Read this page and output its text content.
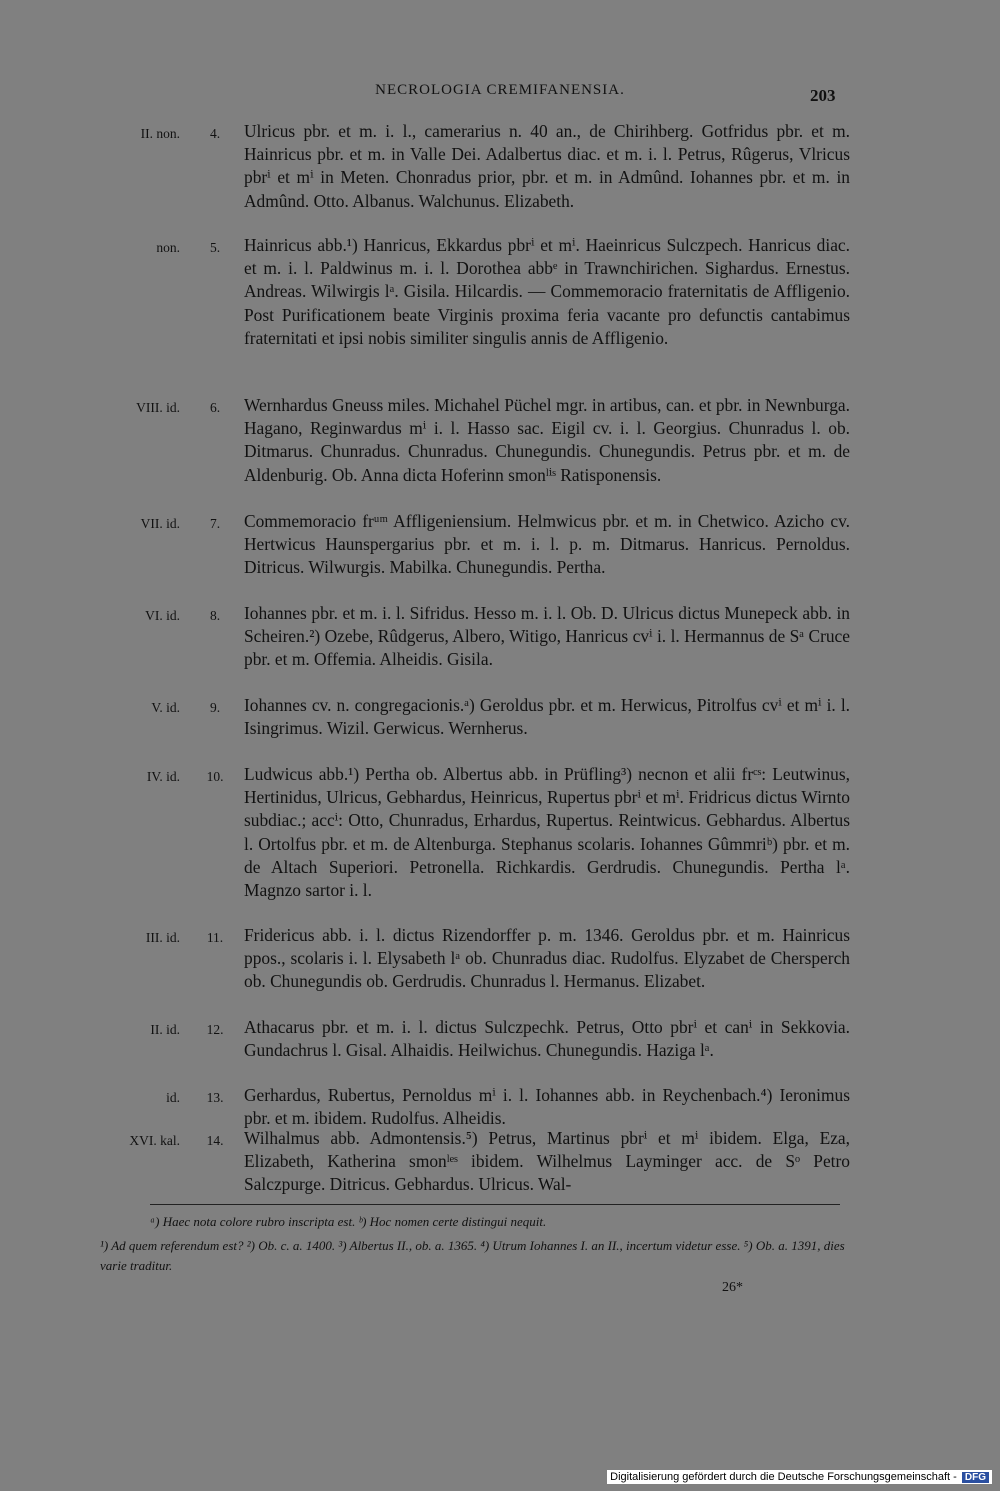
NECROLOGIA CREMIFANENSIA.	203
II. non.	4.	Ulricus pbr. et m. i. l., camerarius n. 40 an., de Chirihberg. Gotfridus pbr. et m. Hainricus pbr. et m. in Valle Dei. Adalbertus diac. et m. i. l. Petrus, Rûgerus, Vlricus pbrⁱ et mⁱ in Meten. Chonradus prior, pbr. et m. in Admûnd. Iohannes pbr. et m. in Admûnd. Otto. Albanus. Walchunus. Elizabeth.
non.	5.	Hainricus abb.¹) Hanricus, Ekkardus pbrⁱ et mⁱ. Haeinricus Sulczpech. Hanricus diac. et m. i. l. Paldwinus m. i. l. Dorothea abbᵉ in Trawnchirichen. Sighardus. Ernestus. Andreas. Wilwirgis lᵃ. Gisila. Hilcardis. — Commemoracio fraternitatis de Affligenio. Post Purificationem beate Virginis proxima feria vacante pro defunctis cantabimus fraternitati et ipsi nobis similiter singulis annis de Affligenio.
VIII. id.	6.	Wernhardus Gneuss miles. Michahel Püchel mgr. in artibus, can. et pbr. in Newnburga. Hagano, Reginwardus mⁱ i. l. Hasso sac. Eigil cv. i. l. Georgius. Chunradus l. ob. Ditmarus. Chunradus. Chunradus. Chunegundis. Chunegundis. Petrus pbr. et m. de Aldenburig. Ob. Anna dicta Hoferinn smonˡⁱˢ Ratisponensis.
VII. id.	7.	Commemoracio frᵘᵐ Affligeniensium. Helmwicus pbr. et m. in Chetwico. Azicho cv. Hertwicus Haunspergarius pbr. et m. i. l. p. m. Ditmarus. Hanricus. Pernoldus. Ditricus. Wilwurgis. Mabilka. Chunegundis. Pertha.
VI. id.	8.	Iohannes pbr. et m. i. l. Sifridus. Hesso m. i. l. Ob. D. Ulricus dictus Munepeck abb. in Scheiren.²) Ozebe, Rûdgerus, Albero, Witigo, Hanricus cvⁱ i. l. Hermannus de Sᵃ Cruce pbr. et m. Offemia. Alheidis. Gisila.
V. id.	9.	Iohannes cv. n. congregacionis.ᵃ) Geroldus pbr. et m. Herwicus, Pitrolfus cvⁱ et mⁱ i. l. Isingrimus. Wizil. Gerwicus. Wernherus.
IV. id.	10.	Ludwicus abb.¹) Pertha ob. Albertus abb. in Prüfling³) necnon et alii frᶜˢ: Leutwinus, Hertinidus, Ulricus, Gebhardus, Heinricus, Rupertus pbrⁱ et mⁱ. Fridricus dictus Wirnto subdiac.; accⁱ: Otto, Chunradus, Erhardus, Rupertus. Reintwicus. Gebhardus. Albertus l. Ortolfus pbr. et m. de Altenburga. Stephanus scolaris. Iohannes Gûmmriᵇ) pbr. et m. de Altach Superiori. Petronella. Richkardis. Gerdrudis. Chunegundis. Pertha lᵃ. Magnzo sartor i. l.
III. id.	11.	Fridericus abb. i. l. dictus Rizendorffer p. m. 1346. Geroldus pbr. et m. Hainricus ppos., scolaris i. l. Elysabeth lᵃ ob. Chunradus diac. Rudolfus. Elyzabet de Chersperch ob. Chunegundis ob. Gerdrudis. Chunradus l. Hermanus. Elizabet.
II. id.	12.	Athacarus pbr. et m. i. l. dictus Sulczpechk. Petrus, Otto pbrⁱ et canⁱ in Sekkovia. Gundachrus l. Gisal. Alhaidis. Heilwichus. Chunegundis. Haziga lᵃ.
id.	13.	Gerhardus, Rubertus, Pernoldus mⁱ i. l. Iohannes abb. in Reychenbach.⁴) Ieronimus pbr. et m. ibidem. Rudolfus. Alheidis.
XVI. kal.	14.	Wilhalmus abb. Admontensis.⁵) Petrus, Martinus pbrⁱ et mⁱ ibidem. Elga, Eza, Elizabeth, Katherina smonˡᵉˢ ibidem. Wilhelmus Layminger acc. de Sᵒ Petro Salczpurge. Ditricus. Gebhardus. Ulricus. Wal-
ᵃ) Haec nota colore rubro inscripta est. ᵇ) Hoc nomen certe distingui nequit.
¹) Ad quem referendum est? ²) Ob. c. a. 1400. ³) Albertus II., ob. a. 1365. ⁴) Utrum Iohannes I. an II., incertum videtur esse. ⁵) Ob. a. 1391, dies varie traditur.
26*
Digitalisierung gefördert durch die Deutsche Forschungsgemeinschaft - DFG
